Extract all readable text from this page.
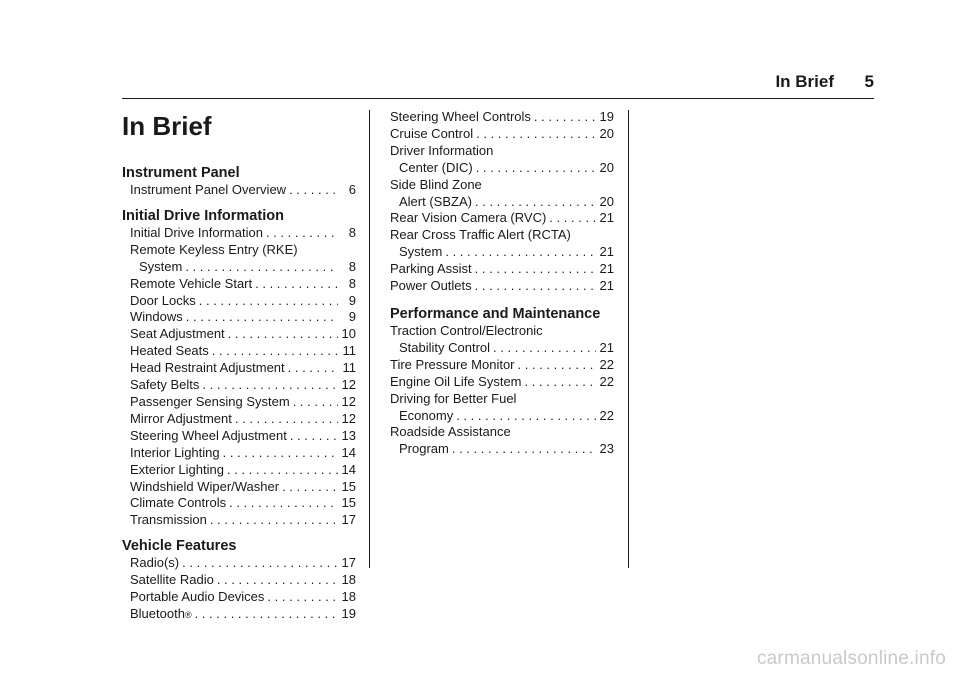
In Brief 5
In Brief
Instrument Panel
Instrument Panel Overview . . .	6
Initial Drive Information
Initial Drive Information . . .	8
Remote Keyless Entry (RKE)
System . . .	8
Remote Vehicle Start . . .	8
Door Locks . . .	9
Windows . . .	9
Seat Adjustment . . .	10
Heated Seats . . .	11
Head Restraint Adjustment . . .	11
Safety Belts . . .	12
Passenger Sensing System . . .	12
Mirror Adjustment . . .	12
Steering Wheel Adjustment . . .	13
Interior Lighting . . .	14
Exterior Lighting . . .	14
Windshield Wiper/Washer . . .	15
Climate Controls . . .	15
Transmission . . .	17
Vehicle Features
Radio(s) . . .	17
Satellite Radio . . .	18
Portable Audio Devices . . .	18
Bluetooth ® . . .	19
Steering Wheel Controls . . .	19
Cruise Control . . .	20
Driver Information
Center (DIC) . . .	20
Side Blind Zone
Alert (SBZA) . . .	20
Rear Vision Camera (RVC) . . .	21
Rear Cross Traffic Alert (RCTA)
System . . .	21
Parking Assist . . .	21
Power Outlets . . .	21
Performance and Maintenance
Traction Control/Electronic
Stability Control . . .	21
Tire Pressure Monitor . . .	22
Engine Oil Life System . . .	22
Driving for Better Fuel
Economy . . .	22
Roadside Assistance
Program . . .	23
carmanualsonline.info
